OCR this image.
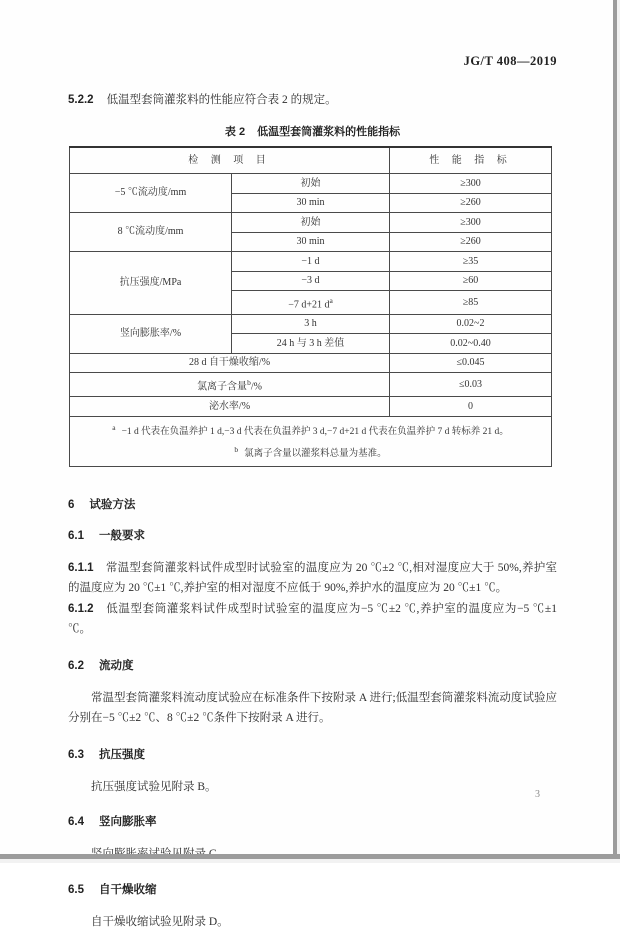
JG/T 408—2019

5.2.2 低温型套筒灌浆料的性能应符合表 2 的规定。

表 2 低温型套筒灌浆料的性能指标
检 测 项 目		性 能 指 标
−5 ℃流动度/mm	初始	≥300
	30 min	≥260
8 ℃流动度/mm	初始	≥300
	30 min	≥260
抗压强度/MPa	−1 d	≥35
	−3 d	≥60
	−7 d+21 $d^a$	≥85
竖向膨胀率/%	3 h	0.02~2
	24 h 与 3 h 差值	0.02~0.40
28 d 自干燥收缩/%		≤0.045
氯离子含量$^b$/%		≤0.03
泌水率/%		0

$^a$ −1 d 代表在负温养护 1 d,−3 d 代表在负温养护 3 d,−7 d+21 d 代表在负温养护 7 d 转标养 21 d。
$^b$ 氯离子含量以灌浆料总量为基准。		
6 试验方法
6.1 一般要求

6.1.1 常温型套筒灌浆料试件成型时试验室的温度应为 20 ℃±2 ℃,相对湿度应大于 50%,养护室的温度应为 20 ℃±1 ℃,养护室的相对湿度不应低于 90%,养护水的温度应为 20 ℃±1 ℃。

6.1.2 低温型套筒灌浆料试件成型时试验室的温度应为−5 ℃±2 ℃,养护室的温度应为−5 ℃±1 ℃。

6.2 流动度

常温型套筒灌浆料流动度试验应在标准条件下按附录 A 进行;低温型套筒灌浆料流动度试验应分别在−5 ℃±2 ℃、8 ℃±2 ℃条件下按附录 A 进行。

6.3 抗压强度

抗压强度试验见附录 B。

6.4 竖向膨胀率

6.5 自干燥收缩

自干燥收缩试验见附录 D。

3
